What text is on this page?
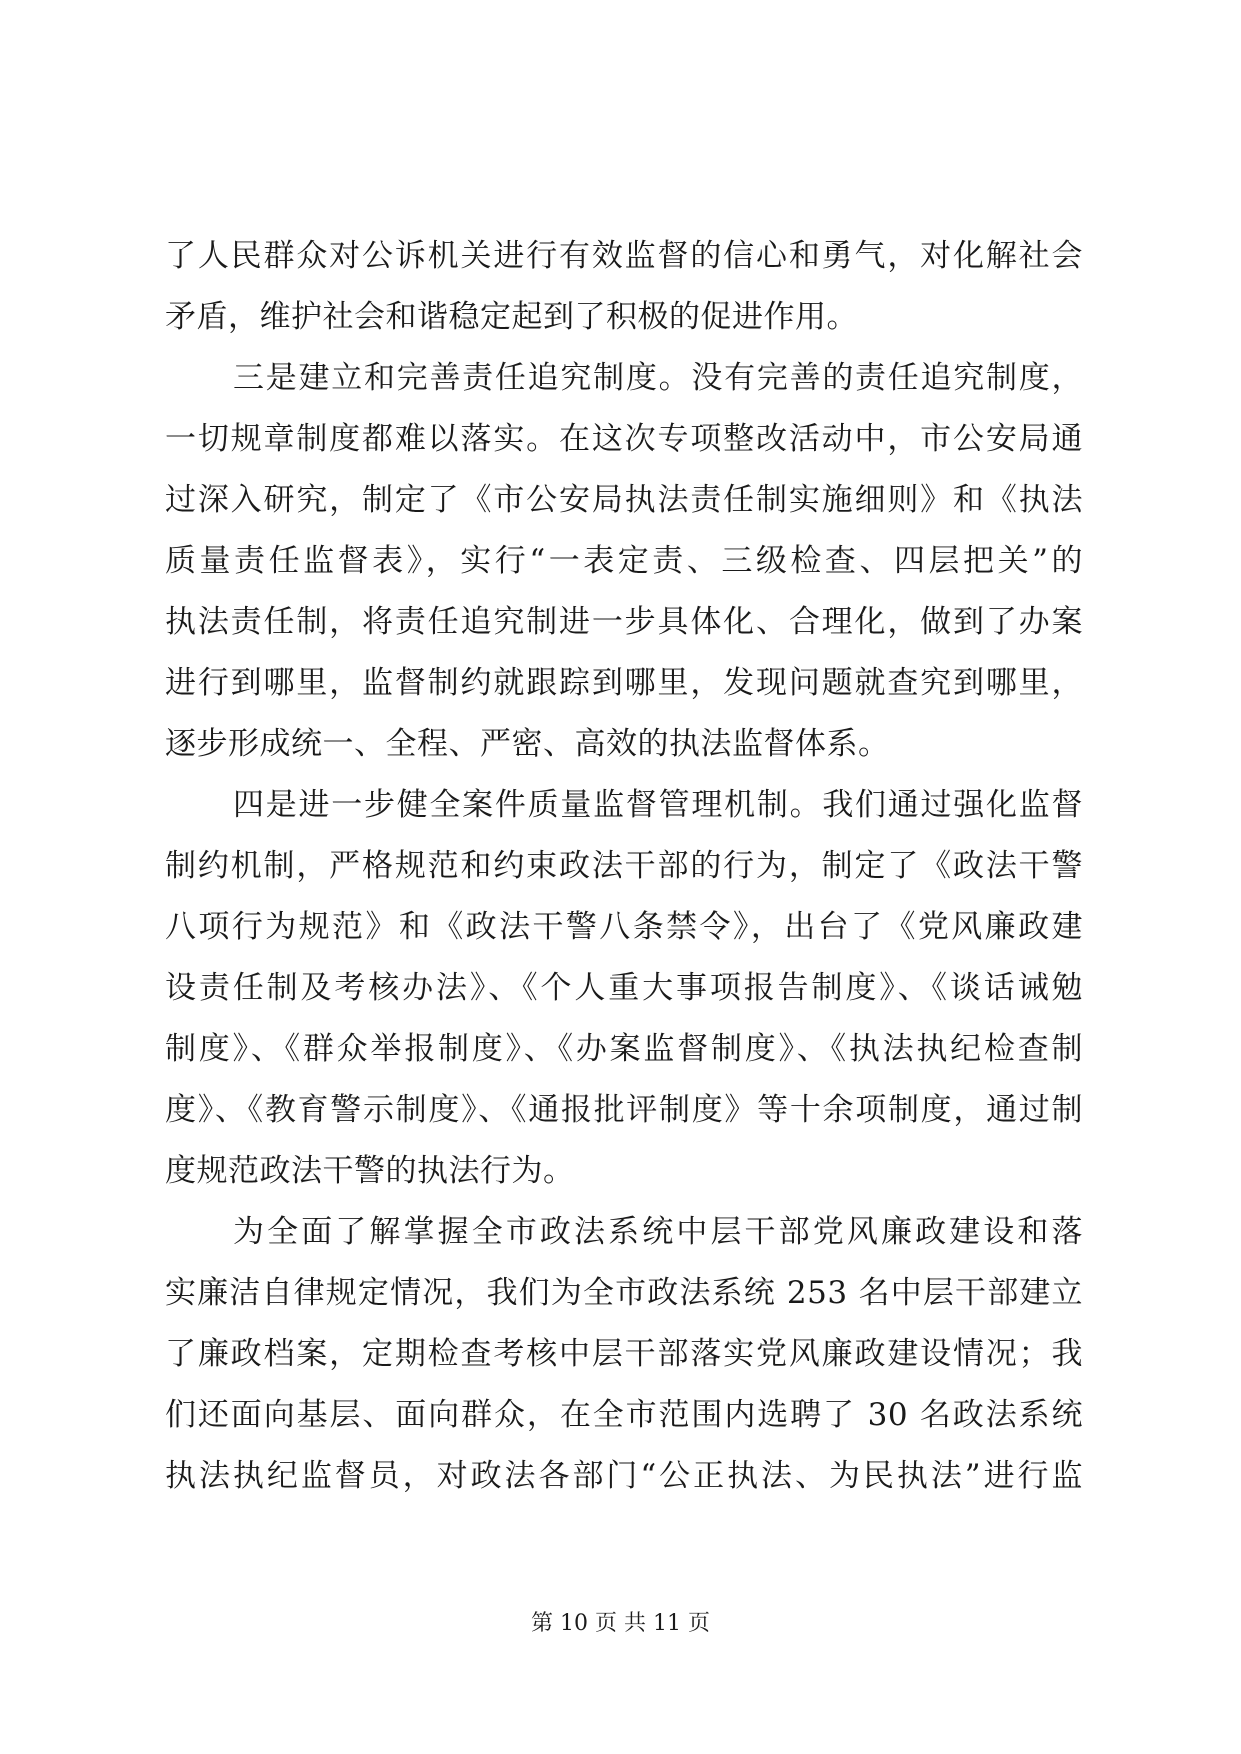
了人民群众对公诉机关进行有效监督的信心和勇气，对化解社会
矛盾，维护社会和谐稳定起到了积极的促进作用。
三是建立和完善责任追究制度。没有完善的责任追究制度，
一切规章制度都难以落实。在这次专项整改活动中，市公安局通
过深入研究，制定了《市公安局执法责任制实施细则》和《执法
质量责任监督表》，实行“一表定责、三级检查、四层把关”的
执法责任制，将责任追究制进一步具体化、合理化，做到了办案
进行到哪里，监督制约就跟踪到哪里，发现问题就查究到哪里，
逐步形成统一、全程、严密、高效的执法监督体系。
四是进一步健全案件质量监督管理机制。我们通过强化监督
制约机制，严格规范和约束政法干部的行为，制定了《政法干警
八项行为规范》和《政法干警八条禁令》，出台了《党风廉政建
设责任制及考核办法》、《个人重大事项报告制度》、《谈话诫勉
制度》、《群众举报制度》、《办案监督制度》、《执法执纪检查制
度》、《教育警示制度》、《通报批评制度》等十余项制度，通过制
度规范政法干警的执法行为。
为全面了解掌握全市政法系统中层干部党风廉政建设和落
实廉洁自律规定情况，我们为全市政法系统 253 名中层干部建立
了廉政档案，定期检查考核中层干部落实党风廉政建设情况；我
们还面向基层、面向群众，在全市范围内选聘了 30 名政法系统
执法执纪监督员，对政法各部门“公正执法、为民执法”进行监
第 10 页 共 11 页
